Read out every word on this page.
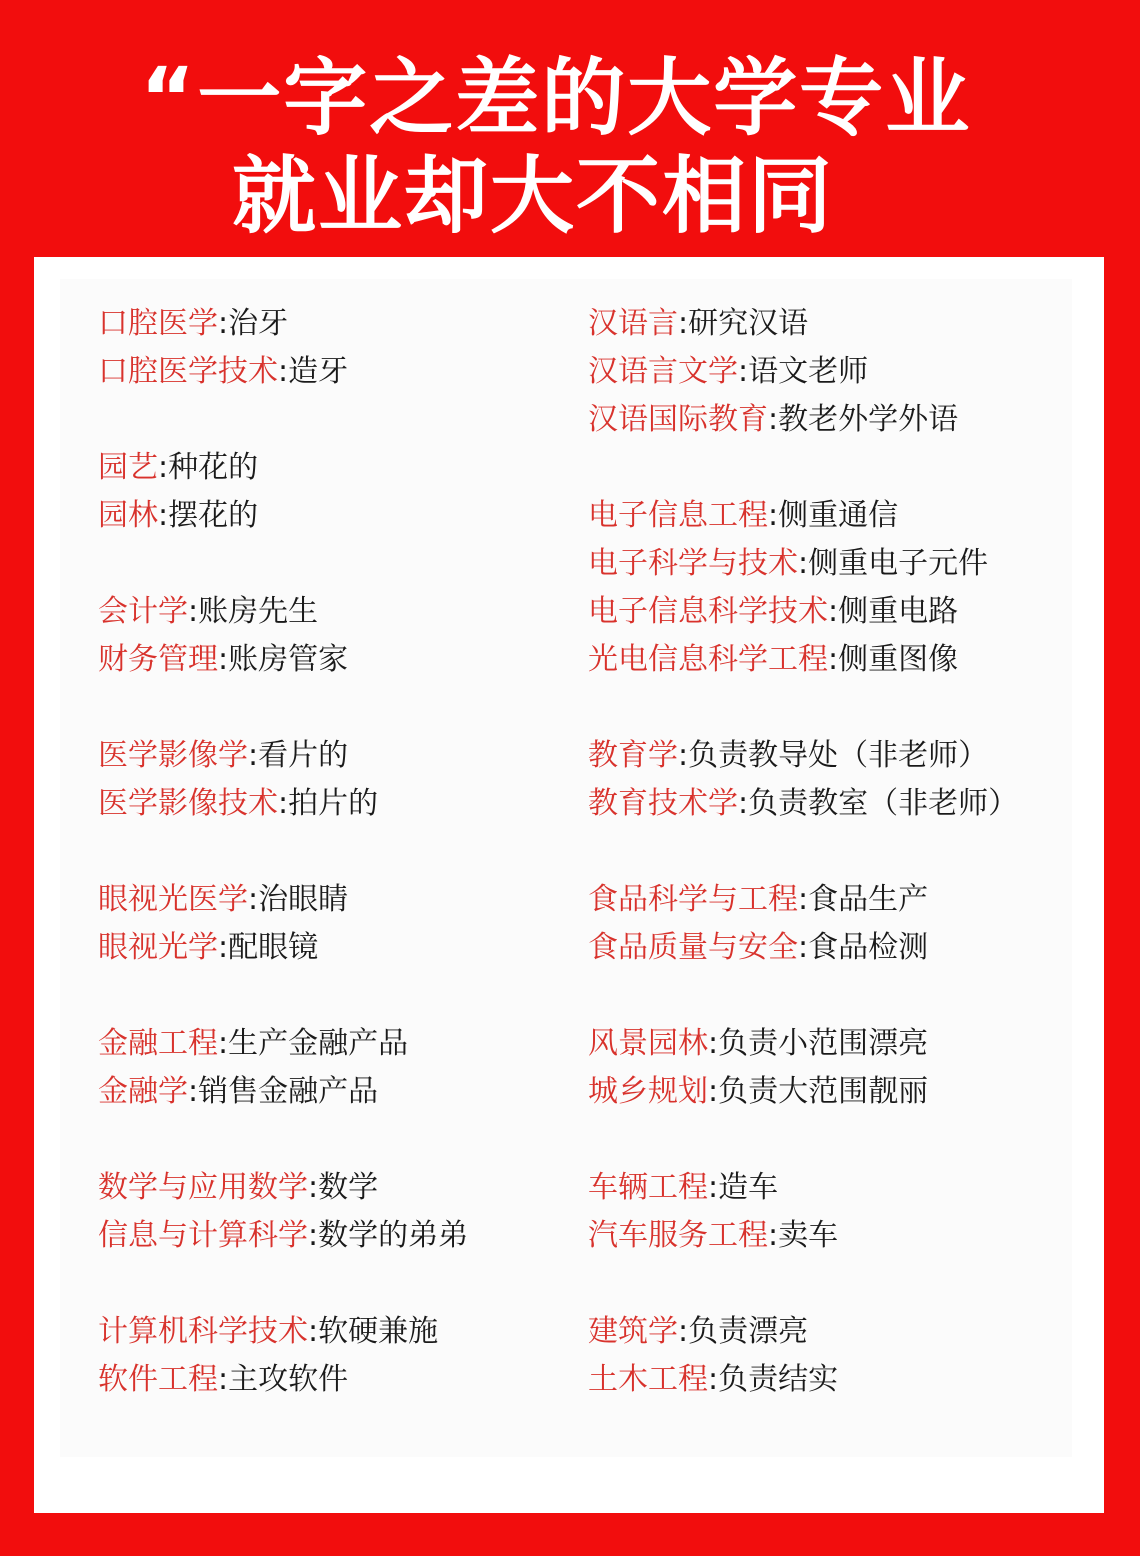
“一字之差的大学专业
就业却大不相同
口腔医学:治牙
口腔医学技术:造牙
园艺:种花的
园林:摆花的
会计学:账房先生
财务管理:账房管家
医学影像学:看片的
医学影像技术:拍片的
眼视光医学:治眼睛
眼视光学:配眼镜
金融工程:生产金融产品
金融学:销售金融产品
数学与应用数学:数学
信息与计算科学:数学的弟弟
计算机科学技术:软硬兼施
软件工程:主攻软件
汉语言:研究汉语
汉语言文学:语文老师
汉语国际教育:教老外学外语
电子信息工程:侧重通信
电子科学与技术:侧重电子元件
电子信息科学技术:侧重电路
光电信息科学工程:侧重图像
教育学:负责教导处（非老师）
教育技术学:负责教室（非老师）
食品科学与工程:食品生产
食品质量与安全:食品检测
风景园林:负责小范围漂亮
城乡规划:负责大范围靓丽
车辆工程:造车
汽车服务工程:卖车
建筑学:负责漂亮
土木工程:负责结实
